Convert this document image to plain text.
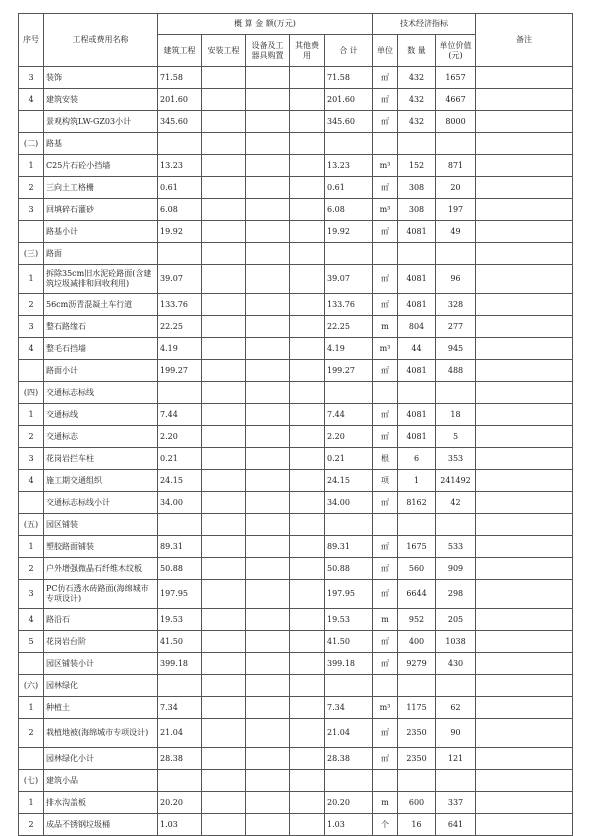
序号	工程或费用名称	概 算 金 额(万元)					技术经济指标			备注
		建筑工程	安装工程	设备及工器具购置	其他费用	合 计	单位	数 量	单位价值(元)	
3	装饰	71.58				71.58	㎡	432	1657	
4	建筑安装	201.60				201.60	㎡	432	4667	
	景观构筑LW-GZ03小计	345.60				345.60	㎡	432	8000	
(二)	路基									
1	C25片石砼小挡墙	13.23				13.23	m³	152	871	
2	三向土工格栅	0.61				0.61	㎡	308	20	
3	回填碎石灌砂	6.08				6.08	m³	308	197	
	路基小计	19.92				19.92	㎡	4081	49	
(三)	路面									
1	拆除35cm旧水泥砼路面(含建筑垃圾减排和回收利用)	39.07				39.07	㎡	4081	96	
2	56cm沥青混凝土车行道	133.76				133.76	㎡	4081	328	
3	整石路缘石	22.25				22.25	m	804	277	
4	整毛石挡墙	4.19				4.19	m³	44	945	
	路面小计	199.27				199.27	㎡	4081	488	
(四)	交通标志标线									
1	交通标线	7.44				7.44	㎡	4081	18	
2	交通标志	2.20				2.20	㎡	4081	5	
3	花岗岩拦车柱	0.21				0.21	根	6	353	
4	施工期交通组织	24.15				24.15	项	1	241492	
	交通标志标线小计	34.00				34.00	㎡	8162	42	
(五)	园区铺装									
1	塑胶路面铺装	89.31				89.31	㎡	1675	533	
2	户外增强微晶石纤维木纹板	50.88				50.88	㎡	560	909	
3	PC仿石透水砖路面(海绵城市专项设计)	197.95				197.95	㎡	6644	298	
4	路沿石	19.53				19.53	m	952	205	
5	花岗岩台阶	41.50				41.50	㎡	400	1038	
	园区铺装小计	399.18				399.18	㎡	9279	430	
(六)	园林绿化									
1	种植土	7.34				7.34	m³	1175	62	
2	栽植地被(海绵城市专项设计)	21.04				21.04	㎡	2350	90	
	园林绿化小计	28.38				28.38	㎡	2350	121	
(七)	建筑小品									
1	排水沟盖板	20.20				20.20	m	600	337	
2	成品不锈钢垃圾桶	1.03				1.03	个	16	641	
